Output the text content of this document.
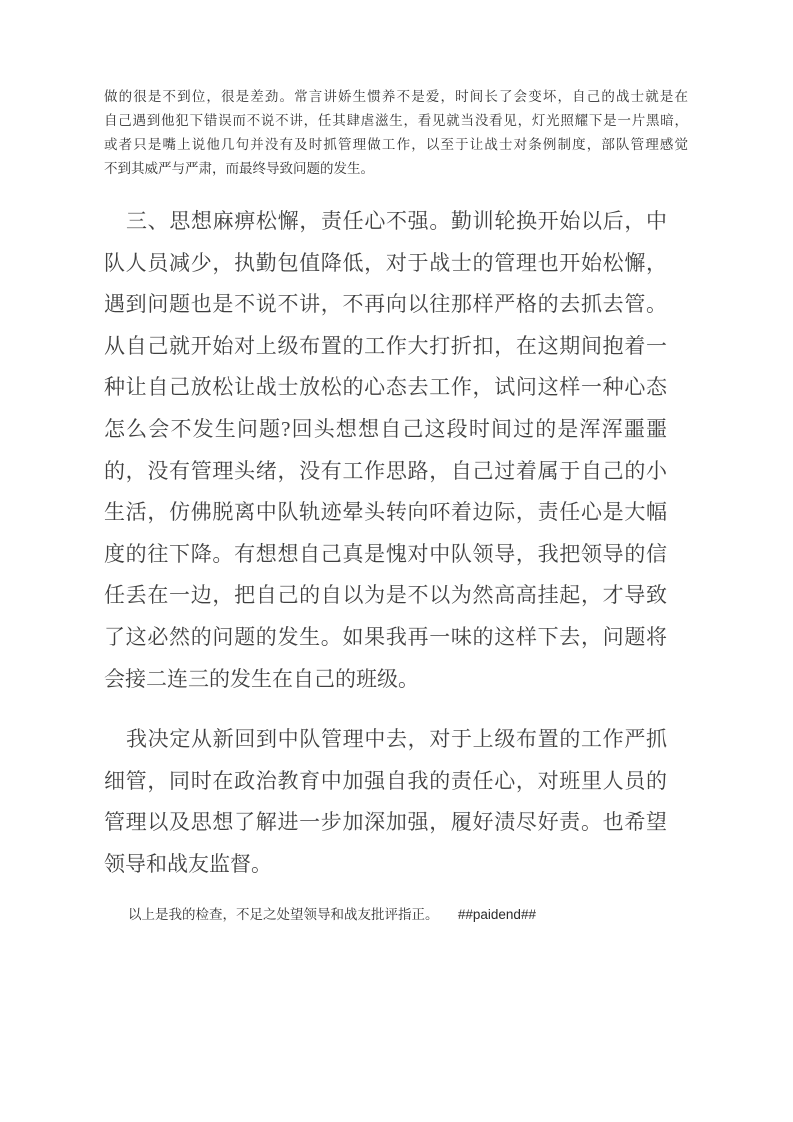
做的很是不到位，很是差劲。常言讲娇生惯养不是爱，时间长了会变坏，自己的战士就是在
自己遇到他犯下错误而不说不讲，任其肆虐滋生，看见就当没看见，灯光照耀下是一片黑暗，
或者只是嘴上说他几句并没有及时抓管理做工作，以至于让战士对条例制度，部队管理感觉
不到其威严与严肃，而最终导致问题的发生。
三、思想麻痹松懈，责任心不强。勤训轮换开始以后，中
队人员减少，执勤包值降低，对于战士的管理也开始松懈，
遇到问题也是不说不讲，不再向以往那样严格的去抓去管。
从自己就开始对上级布置的工作大打折扣，在这期间抱着一
种让自己放松让战士放松的心态去工作，试问这样一种心态
怎么会不发生问题?回头想想自己这段时间过的是浑浑噩噩
的，没有管理头绪，没有工作思路，自己过着属于自己的小
生活，仿佛脱离中队轨迹晕头转向吥着边际，责任心是大幅
度的往下降。有想想自己真是愧对中队领导，我把领导的信
任丢在一边，把自己的自以为是不以为然高高挂起，才导致
了这必然的问题的发生。如果我再一味的这样下去，问题将
会接二连三的发生在自己的班级。
我决定从新回到中队管理中去，对于上级布置的工作严抓
细管，同时在政治教育中加强自我的责任心，对班里人员的
管理以及思想了解进一步加深加强，履好渍尽好责。也希望
领导和战友监督。
以上是我的检查，不足之处望领导和战友批评指正。 ##paidend##
